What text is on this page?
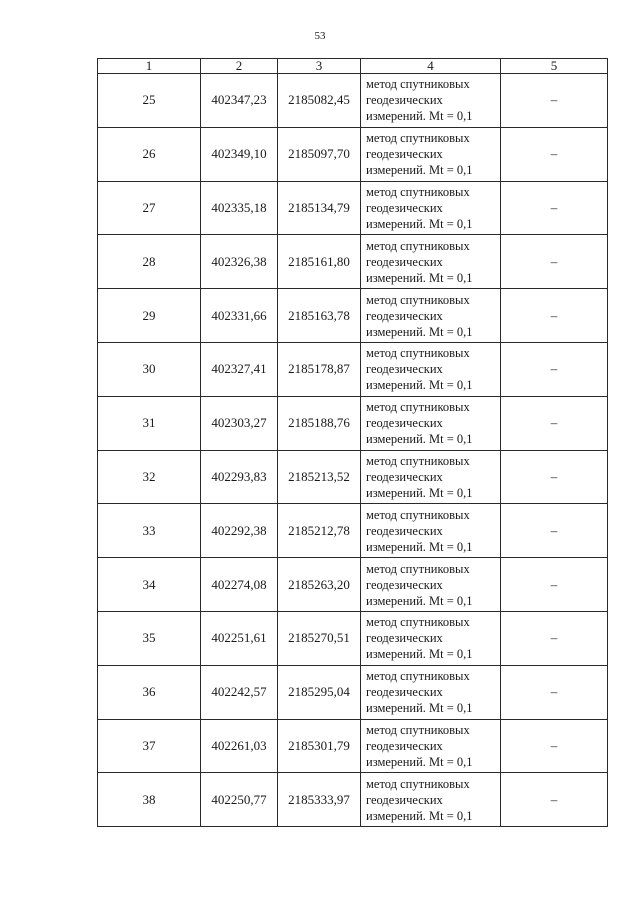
53
1	2	3	4	5
25	402347,23	2185082,45	метод спутниковых
геодезических
измерений. Mt = 0,1	–
26	402349,10	2185097,70	метод спутниковых
геодезических
измерений. Mt = 0,1	–
27	402335,18	2185134,79	метод спутниковых
геодезических
измерений. Mt = 0,1	–
28	402326,38	2185161,80	метод спутниковых
геодезических
измерений. Mt = 0,1	–
29	402331,66	2185163,78	метод спутниковых
геодезических
измерений. Mt = 0,1	–
30	402327,41	2185178,87	метод спутниковых
геодезических
измерений. Mt = 0,1	–
31	402303,27	2185188,76	метод спутниковых
геодезических
измерений. Mt = 0,1	–
32	402293,83	2185213,52	метод спутниковых
геодезических
измерений. Mt = 0,1	–
33	402292,38	2185212,78	метод спутниковых
геодезических
измерений. Mt = 0,1	–
34	402274,08	2185263,20	метод спутниковых
геодезических
измерений. Mt = 0,1	–
35	402251,61	2185270,51	метод спутниковых
геодезических
измерений. Mt = 0,1	–
36	402242,57	2185295,04	метод спутниковых
геодезических
измерений. Mt = 0,1	–
37	402261,03	2185301,79	метод спутниковых
геодезических
измерений. Mt = 0,1	–
38	402250,77	2185333,97	метод спутниковых
геодезических
измерений. Mt = 0,1	–
